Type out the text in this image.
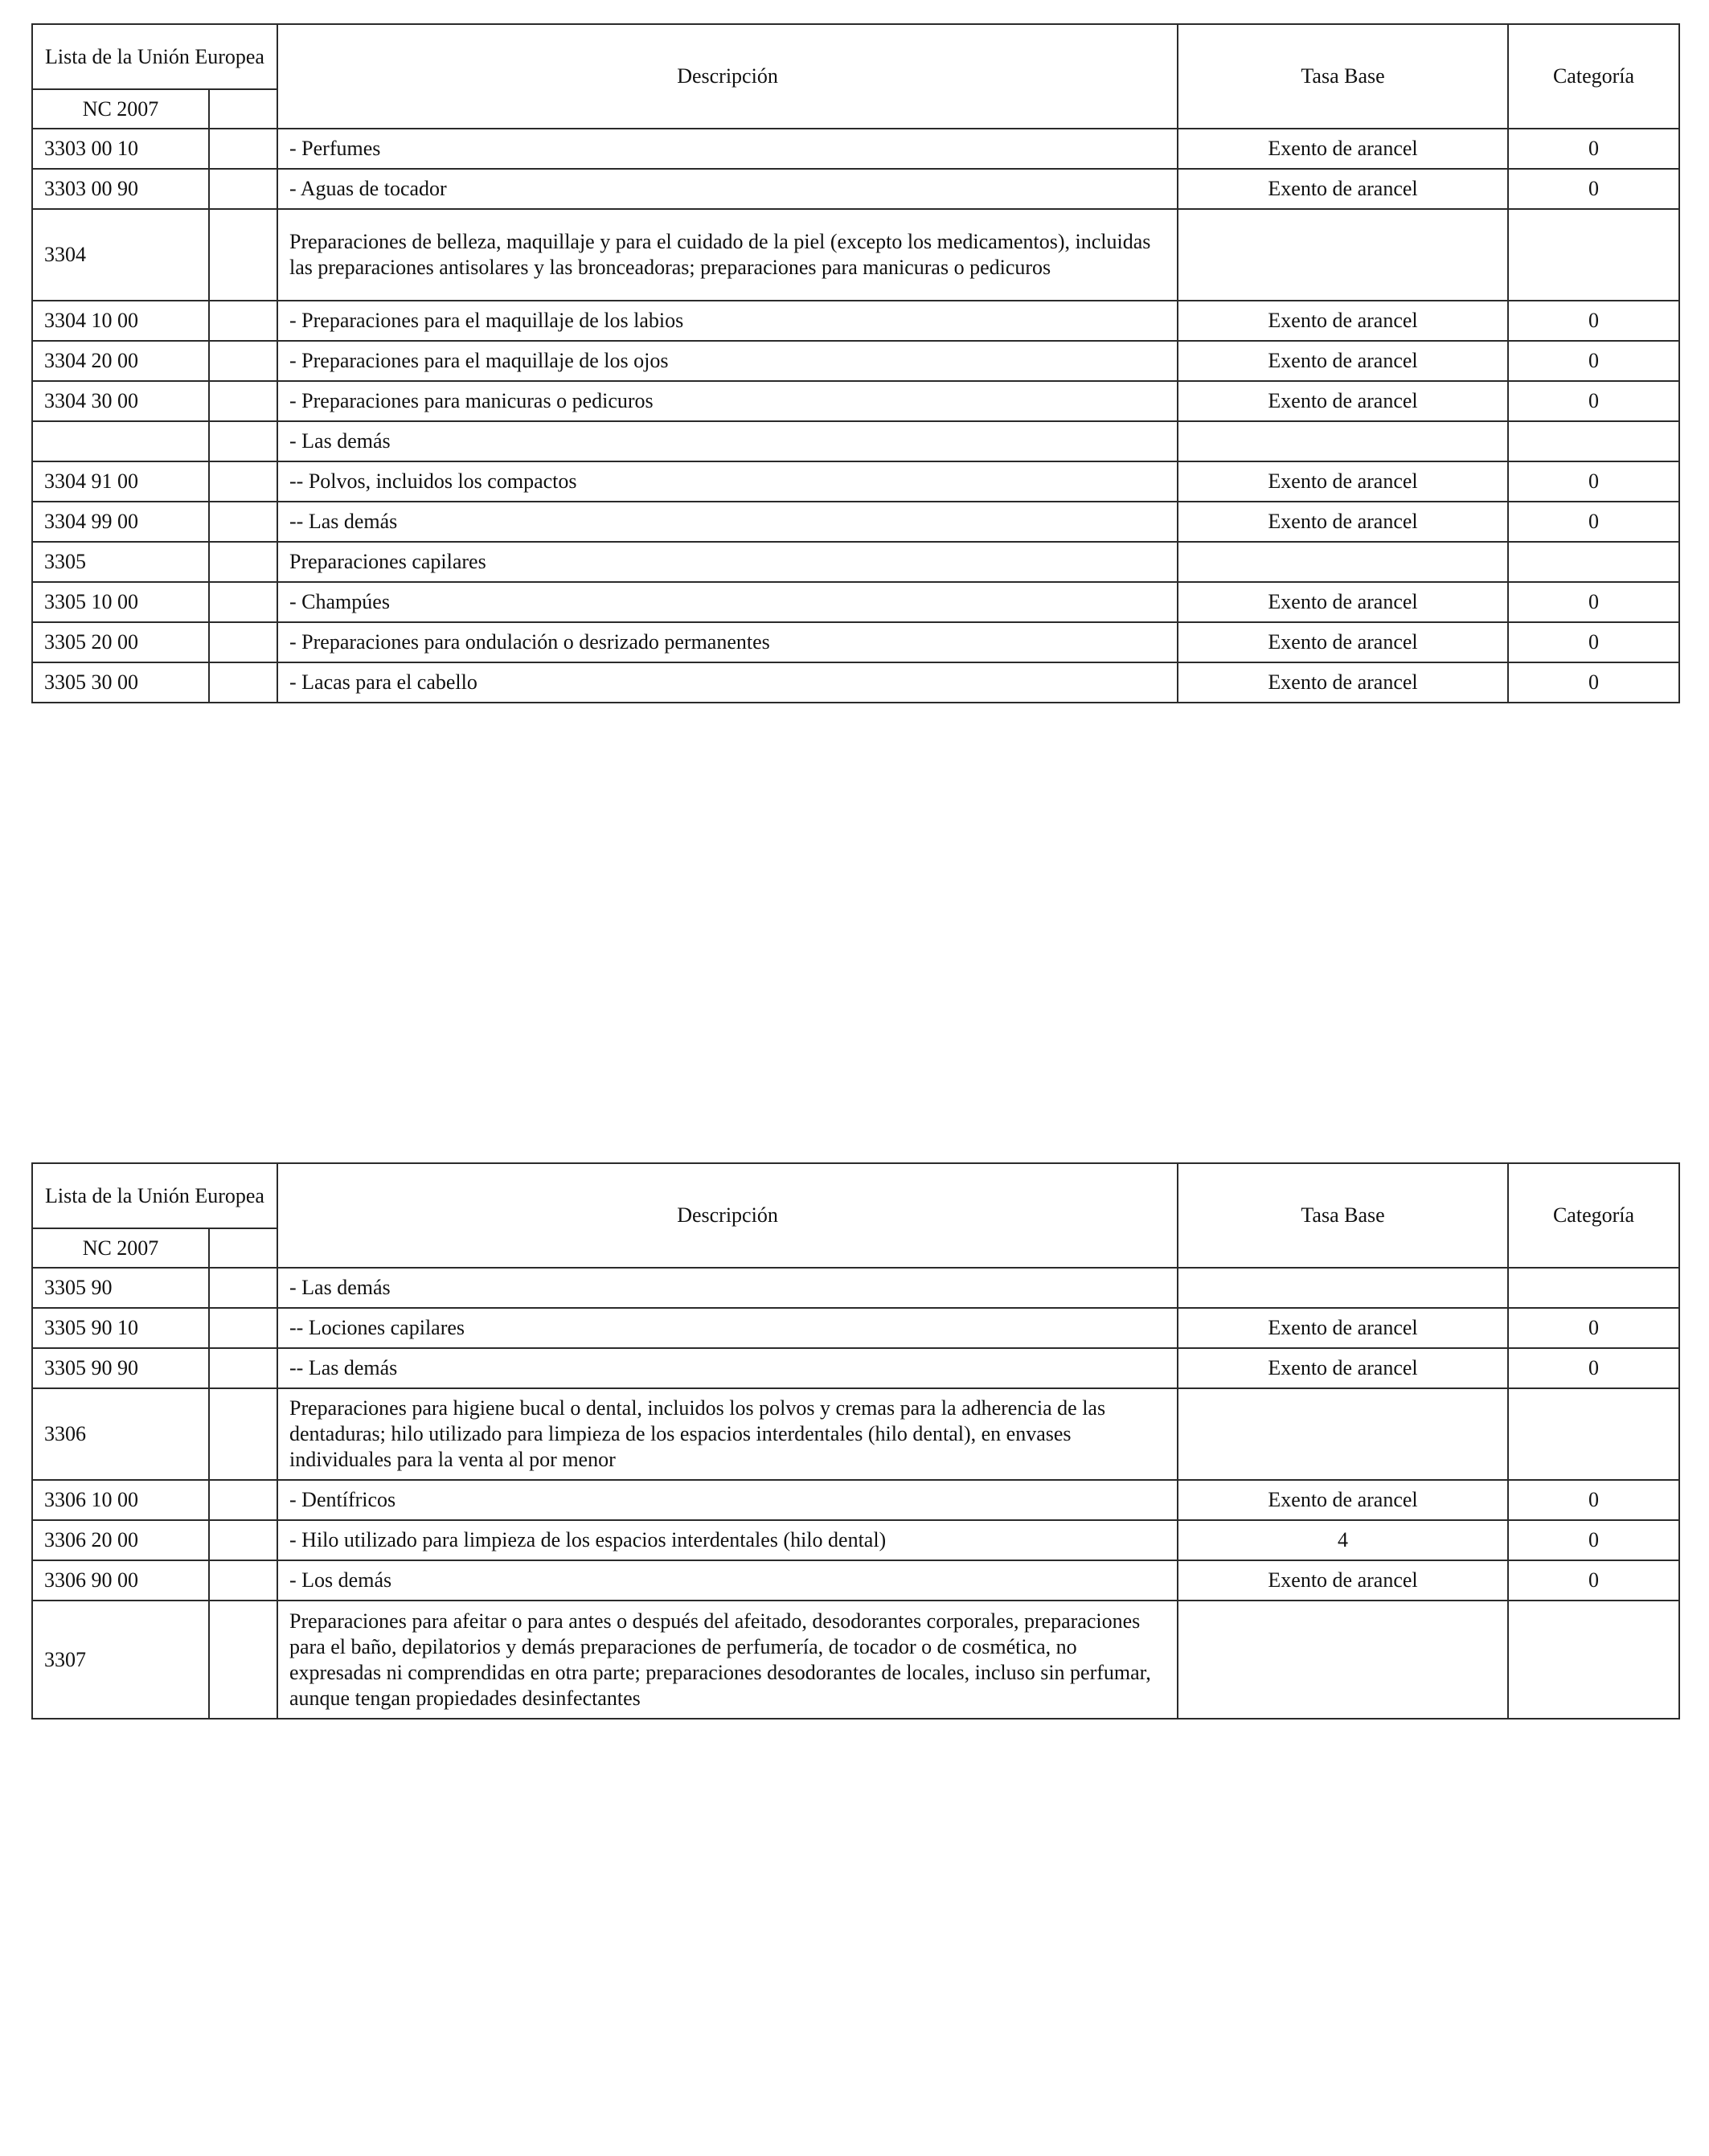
Lista de la Unión Europea		Descripción	Tasa Base	Categoría
NC 2007				
3303 00 10		- Perfumes	Exento de arancel	0
3303 00 90		- Aguas de tocador	Exento de arancel	0
3304		Preparaciones de belleza, maquillaje y para el cuidado de la piel (excepto los medicamentos), incluidas las preparaciones antisolares y las bronceadoras; preparaciones para manicuras o pedicuros		
3304 10 00		- Preparaciones para el maquillaje de los labios	Exento de arancel	0
3304 20 00		- Preparaciones para el maquillaje de los ojos	Exento de arancel	0
3304 30 00		- Preparaciones para manicuras o pedicuros	Exento de arancel	0
		- Las demás		
3304 91 00		-- Polvos, incluidos los compactos	Exento de arancel	0
3304 99 00		-- Las demás	Exento de arancel	0
3305		Preparaciones capilares		
3305 10 00		- Champúes	Exento de arancel	0
3305 20 00		- Preparaciones para ondulación o desrizado permanentes	Exento de arancel	0
3305 30 00		- Lacas para el cabello	Exento de arancel	0
Lista de la Unión Europea		Descripción	Tasa Base	Categoría
NC 2007				
3305 90		- Las demás		
3305 90 10		-- Lociones capilares	Exento de arancel	0
3305 90 90		-- Las demás	Exento de arancel	0
3306		Preparaciones para higiene bucal o dental, incluidos los polvos y cremas para la adherencia de las dentaduras; hilo utilizado para limpieza de los espacios interdentales (hilo dental), en envases individuales para la venta al por menor		
3306 10 00		- Dentífricos	Exento de arancel	0
3306 20 00		- Hilo utilizado para limpieza de los espacios interdentales (hilo dental)	4	0
3306 90 00		- Los demás	Exento de arancel	0
3307		Preparaciones para afeitar o para antes o después del afeitado, desodorantes corporales, preparaciones para el baño, depilatorios y demás preparaciones de perfumería, de tocador o de cosmética, no expresadas ni comprendidas en otra parte; preparaciones desodorantes de locales, incluso sin perfumar, aunque tengan propiedades desinfectantes		
